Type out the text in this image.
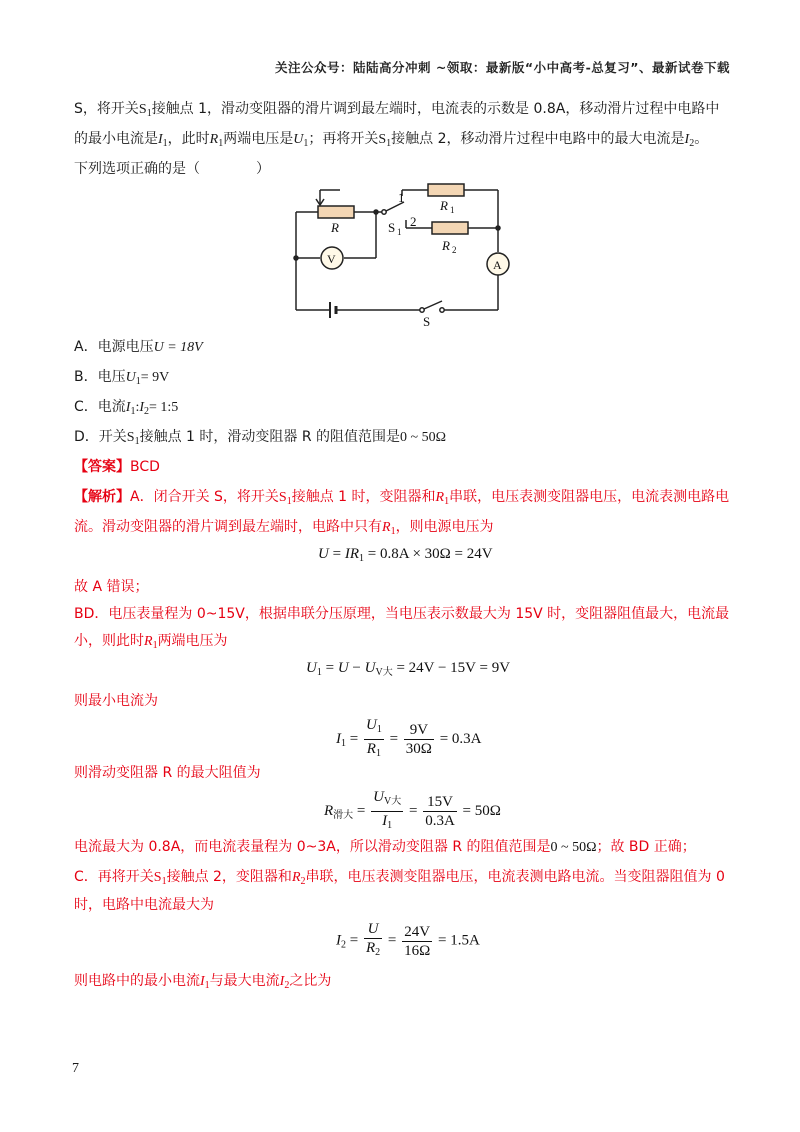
关注公众号：陆陆高分冲刺 ~领取：最新版“小中高考-总复习”、最新试卷下载
S，将开关$S_1$接触点 1，滑动变阻器的滑片调到最左端时，电流表的示数是 0.8A，移动滑片过程中电路中
的最小电流是$I_1$，此时$R_1$两端电压是$U_1$；再将开关$S_1$接触点 2，移动滑片过程中电路中的最大电流是$I_2$。
下列选项正确的是（　　　　）
1
2
R
R 1
R 2
S 1
V	A
S
A．电源电压U = 18V
B．电压$U_1= 9V$
C．电流$I_1:I_2=$ 1:5
D．开关$S_1$接触点 1 时，滑动变阻器 R 的阻值范围是0 ~ 50Ω
【答案】BCD
【解析】A．闭合开关 S，将开关$S_1$接触点 1 时，变阻器和$R_1$串联，电压表测变阻器电压，电流表测电路电
流。滑动变阻器的滑片调到最左端时，电路中只有$R_1$，则电源电压为
$U = IR_1 = 0.8A \times 30\Omega = 24V$
故 A 错误；
BD．电压表量程为 0~15V，根据串联分压原理，当电压表示数最大为 15V 时，变阻器阻值最大，电流最
小，则此时$R_1$两端电压为
$U_1 = U - U_{V大} = 24V - 15V = 9V$
则最小电流为
$I_1 = \frac{U_1}{R_1} = \frac{9V}{30\Omega} = 0.3A$
则滑动变阻器 R 的最大阻值为
$R_{滑大} = \frac{U_{V大}}{I_1} = \frac{15V}{0.3A} = 50\Omega$
电流最大为 0.8A，而电流表量程为 0~3A，所以滑动变阻器 R 的阻值范围是0 ~ 50Ω；故 BD 正确；
C．再将开关$S_1$接触点 2，变阻器和$R_2$串联，电压表测变阻器电压，电流表测电路电流。当变阻器阻值为 0
时，电路中电流最大为
$I_2 = \frac{U}{R_2} = \frac{24V}{16\Omega} = 1.5A$
则电路中的最小电流$I_1$与最大电流$I_2$之比为
7
